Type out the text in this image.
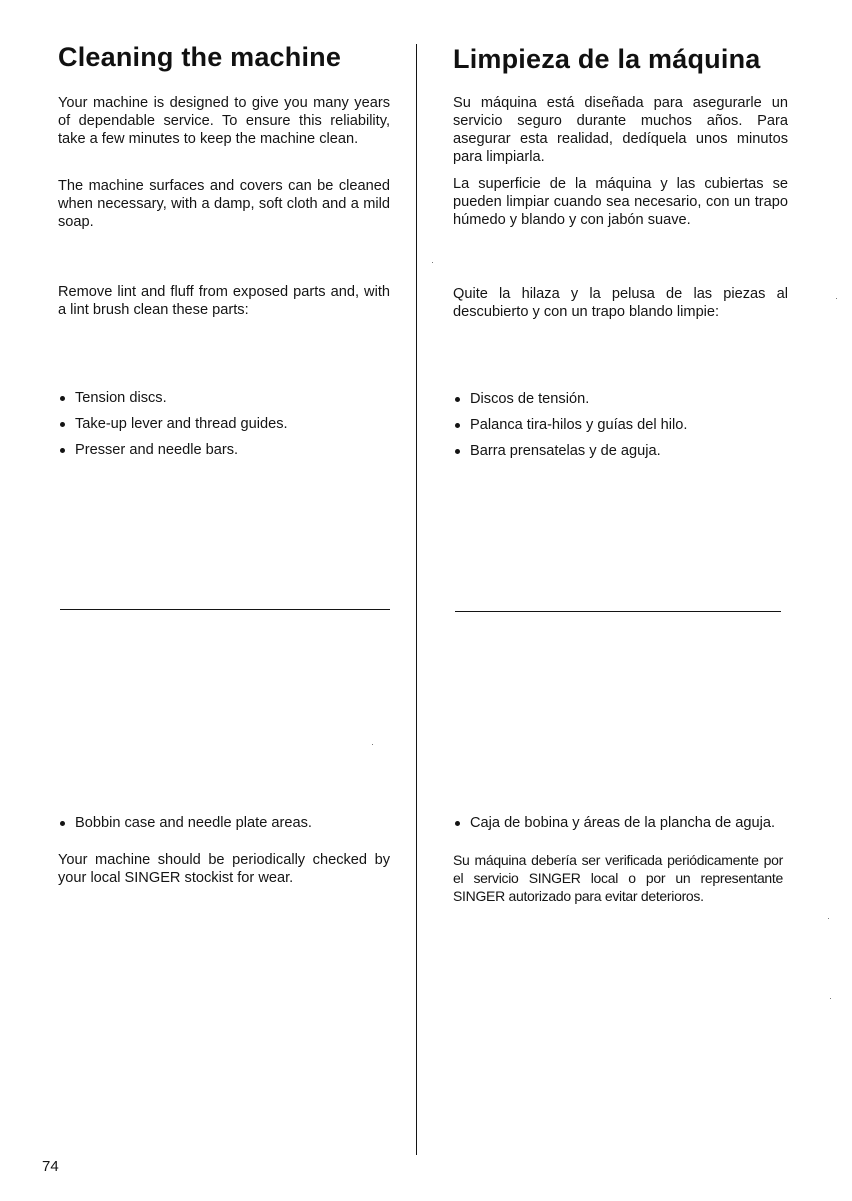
Cleaning the machine

Your machine is designed to give you many years of dependable service. To ensure this reliability, take a few minutes to keep the machine clean.

The machine surfaces and covers can be cleaned when necessary, with a damp, soft cloth and a mild soap.

Remove lint and fluff from exposed parts and, with a lint brush clean these parts:

Tension discs.
Take-up lever and thread guides.
Presser and needle bars.
Bobbin case and needle plate areas.

Your machine should be periodically checked by your local SINGER stockist for wear.

Limpieza de la máquina

Su máquina está diseñada para asegurarle un servicio seguro durante muchos años. Para asegurar esta realidad, dedíquela unos minutos para limpiarla.

La superficie de la máquina y las cubiertas se pueden limpiar cuando sea necesario, con un trapo húmedo y blando y con jabón suave.

Quite la hilaza y la pelusa de las piezas al descubierto y con un trapo blando limpie:

Discos de tensión.
Palanca tira-hilos y guías del hilo.
Barra prensatelas y de aguja.
Caja de bobina y áreas de la plancha de aguja.

Su máquina debería ser verificada periódicamente por el servicio SINGER local o por un representante SINGER autorizado para evitar deterioros.

74
